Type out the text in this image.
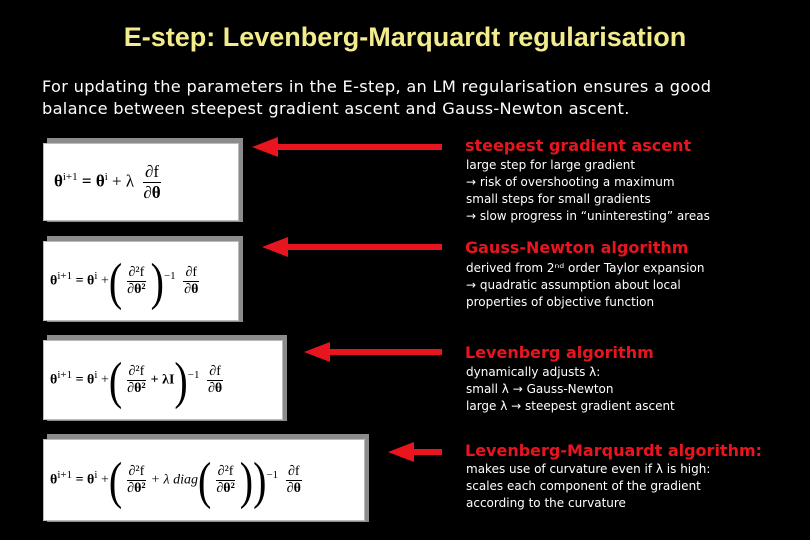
E-step: Levenberg-Marquardt regularisation
For updating the parameters in the E-step, an LM regularisation ensures a good
balance between steepest gradient ascent and Gauss-Newton ascent.
$\theta^{i+1} = \theta^i + \lambda \frac{\partial f}{\partial\theta}$
steepest gradient ascent
large step for large gradient
→ risk of overshooting a maximum
small steps for small gradients
→ slow progress in “uninteresting” areas
$\theta^{i+1} = \theta^i$ +( $\frac{\text{∂²f}}{\text{∂θ²}} )^{-1} \frac{\partial f}{\partial\theta}$
Gauss-Newton algorithm
derived from 2ⁿᵈ order Taylor expansion
→ quadratic assumption about local
properties of objective function
$\theta^{i+1} = \theta^i$ +( $\frac{\text{∂²f}}{\text{∂θ²}} + \lambda I)^{-1} \frac{\partial f}{\partial\theta}$
Levenberg algorithm
dynamically adjusts λ:
small λ → Gauss-Newton
large λ → steepest gradient ascent
$\theta^{i+1} = \theta^i$ +( $\frac{\text{∂²f}}{\text{∂θ²}} + \lambda$ diag( $\frac{\text{∂²f}}{\text{∂θ²}} ))^{-1} \frac{\partial f}{\partial\theta}$
Levenberg-Marquardt algorithm:
makes use of curvature even if λ is high:
scales each component of the gradient
according to the curvature
